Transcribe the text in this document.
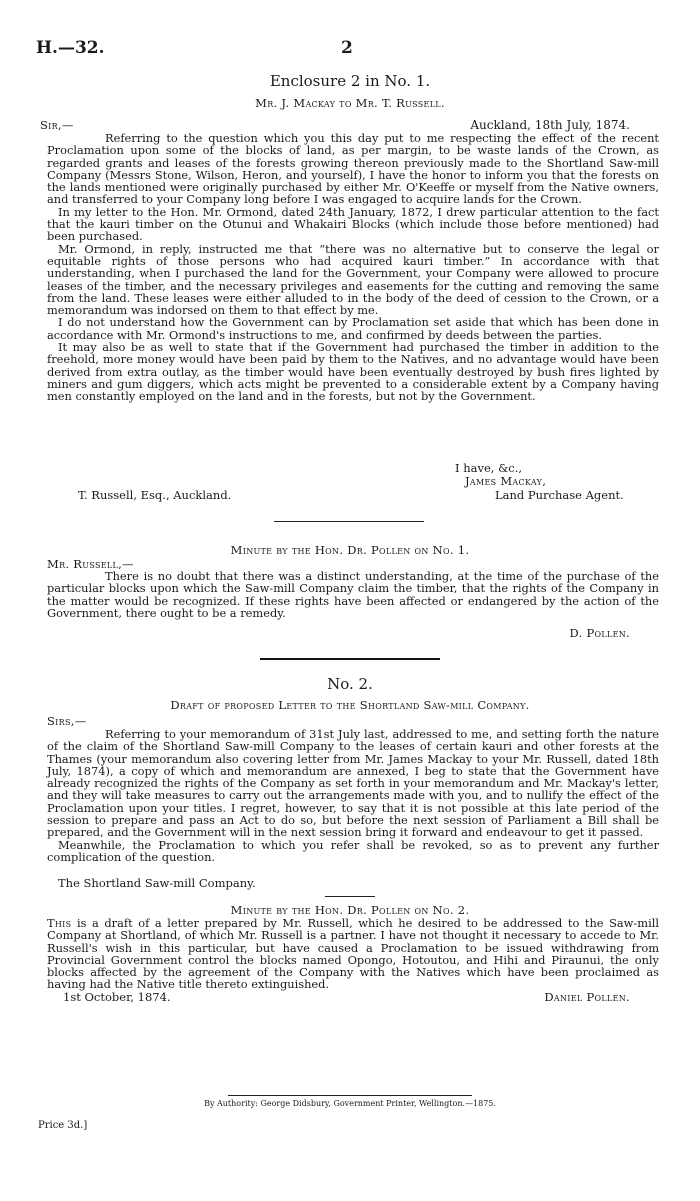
H.—32.	2
Enclosure 2 in No. 1.
Mr. J. Mackay to Mr. T. Russell.
Sir,—	Auckland, 18th July, 1874.

Referring to the question which you this day put to me respecting the effect of the recent Proclamation upon some of the blocks of land, as per margin, to be waste lands of the Crown, as regarded grants and leases of the forests growing thereon previously made to the Shortland Saw-mill Company (Messrs Stone, Wilson, Heron, and yourself), I have the honor to inform you that the forests on the lands mentioned were originally purchased by either Mr. O'Keeffe or myself from the Native owners, and transferred to your Company long before I was engaged to acquire lands for the Crown.

In my letter to the Hon. Mr. Ormond, dated 24th January, 1872, I drew particular attention to the fact that the kauri timber on the Otunui and Whakairi Blocks (which include those before mentioned) had been purchased.

Mr. Ormond, in reply, instructed me that “there was no alternative but to conserve the legal or equitable rights of those persons who had acquired kauri timber.” In accordance with that understanding, when I purchased the land for the Government, your Company were allowed to procure leases of the timber, and the necessary privileges and easements for the cutting and removing the same from the land. These leases were either alluded to in the body of the deed of cession to the Crown, or a memorandum was indorsed on them to that effect by me.

I do not understand how the Government can by Proclamation set aside that which has been done in accordance with Mr. Ormond's instructions to me, and confirmed by deeds between the parties.

It may also be as well to state that if the Government had purchased the timber in addition to the freehold, more money would have been paid by them to the Natives, and no advantage would have been derived from extra outlay, as the timber would have been eventually destroyed by bush fires lighted by miners and gum diggers, which acts might be prevented to a considerable extent by a Company having men constantly employed on the land and in the forests, but not by the Government.

I have, &c.,
James Mackay,
T. Russell, Esq., Auckland.	Land Purchase Agent.
Minute by the Hon. Dr. Pollen on No. 1.
Mr. Russell,—

There is no doubt that there was a distinct understanding, at the time of the purchase of the particular blocks upon which the Saw-mill Company claim the timber, that the rights of the Company in the matter would be recognized. If these rights have been affected or endangered by the action of the Government, there ought to be a remedy.

D. Pollen.
No. 2.
Draft of proposed Letter to the Shortland Saw-mill Company.
Sirs,—

Referring to your memorandum of 31st July last, addressed to me, and setting forth the nature of the claim of the Shortland Saw-mill Company to the leases of certain kauri and other forests at the Thames (your memorandum also covering letter from Mr. James Mackay to your Mr. Russell, dated 18th July, 1874), a copy of which and memorandum are annexed, I beg to state that the Government have already recognized the rights of the Company as set forth in your memorandum and Mr. Mackay's letter, and they will take measures to carry out the arrangements made with you, and to nullify the effect of the Proclamation upon your titles. I regret, however, to say that it is not possible at this late period of the session to prepare and pass an Act to do so, but before the next session of Parliament a Bill shall be prepared, and the Government will in the next session bring it forward and endeavour to get it passed.

Meanwhile, the Proclamation to which you refer shall be revoked, so as to prevent any further complication of the question.

The Shortland Saw-mill Company.
Minute by the Hon. Dr. Pollen on No. 2.

This is a draft of a letter prepared by Mr. Russell, which he desired to be addressed to the Saw-mill Company at Shortland, of which Mr. Russell is a partner. I have not thought it necessary to accede to Mr. Russell's wish in this particular, but have caused a Proclamation to be issued withdrawing from Provincial Government control the blocks named Opongo, Hotoutou, and Hihi and Piraunui, the only blocks affected by the agreement of the Company with the Natives which have been proclaimed as having had the Native title thereto extinguished.

1st October, 1874.	Daniel Pollen.
By Authority: George Didsbury, Government Printer, Wellington.—1875.
Price 3d.]
